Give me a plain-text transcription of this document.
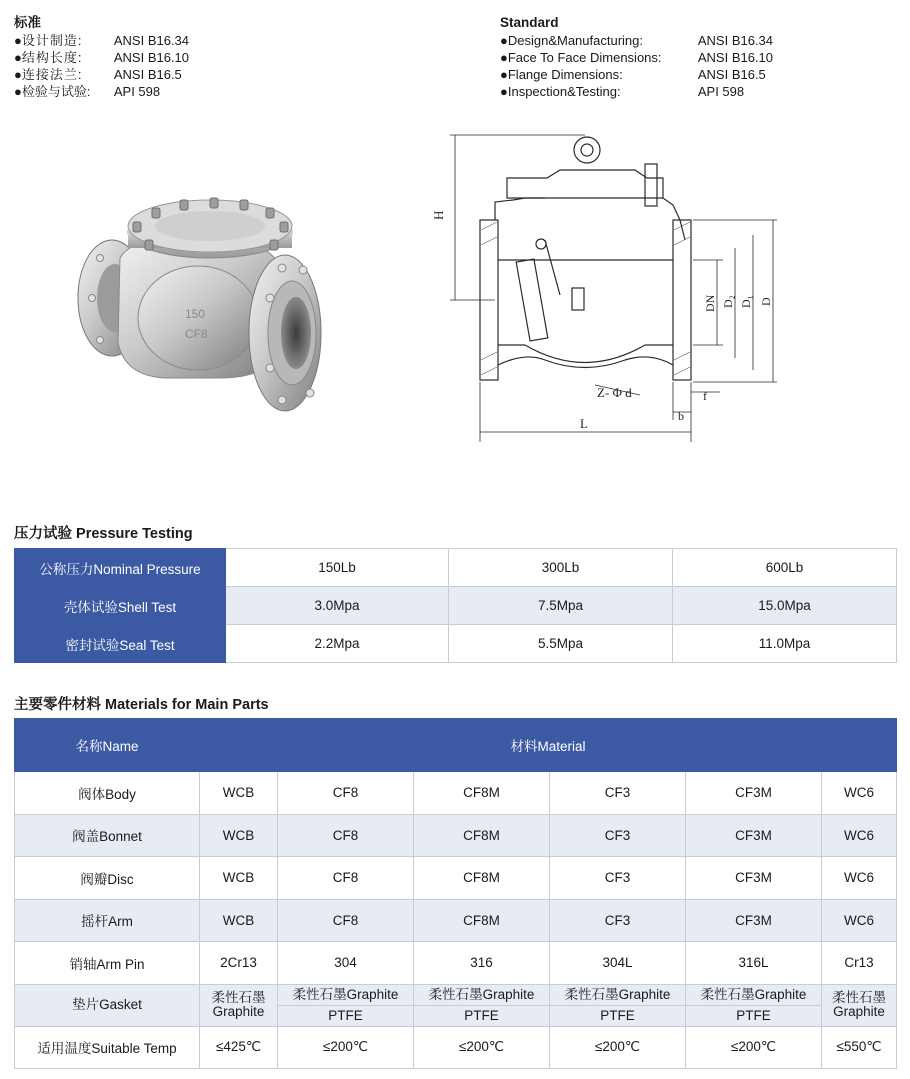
标准
●设计制造: ANSI B16.34
●结构长度: ANSI B16.10
●连接法兰: ANSI B16.5
●检验与试验: API 598
Standard
●Design&Manufacturing:	ANSI B16.34
●Face To Face Dimensions:	ANSI B16.10
●Flange Dimensions:	ANSI B16.5
●Inspection&Testing:	API 598
150
CF8
H
DN D₂ D₁ D
Z- Φ d	f
b
L
压力试验 Pressure Testing
公称压力Nominal Pressure	150Lb	300Lb	600Lb
壳体试验Shell Test	3.0Mpa	7.5Mpa	15.0Mpa
密封试验Seal Test	2.2Mpa	5.5Mpa	11.0Mpa
主要零件材料 Materials for Main Parts
名称Name	材料Material					
阀体Body	WCB	CF8	CF8M	CF3	CF3M	WC6
阀盖Bonnet	WCB	CF8	CF8M	CF3	CF3M	WC6
阀瓣Disc	WCB	CF8	CF8M	CF3	CF3M	WC6
摇杆Arm	WCB	CF8	CF8M	CF3	CF3M	WC6
销轴Arm Pin	2Cr13	304	316	304L	316L	Cr13
垫片Gasket	柔性石墨Graphite	柔性石墨Graphite	柔性石墨Graphite	柔性石墨Graphite	柔性石墨Graphite	柔性石墨Graphite
		PTFE	PTFE	PTFE	PTFE	
适用温度Suitable Temp	≤425℃	≤200℃	≤200℃	≤200℃	≤200℃	≤550℃
